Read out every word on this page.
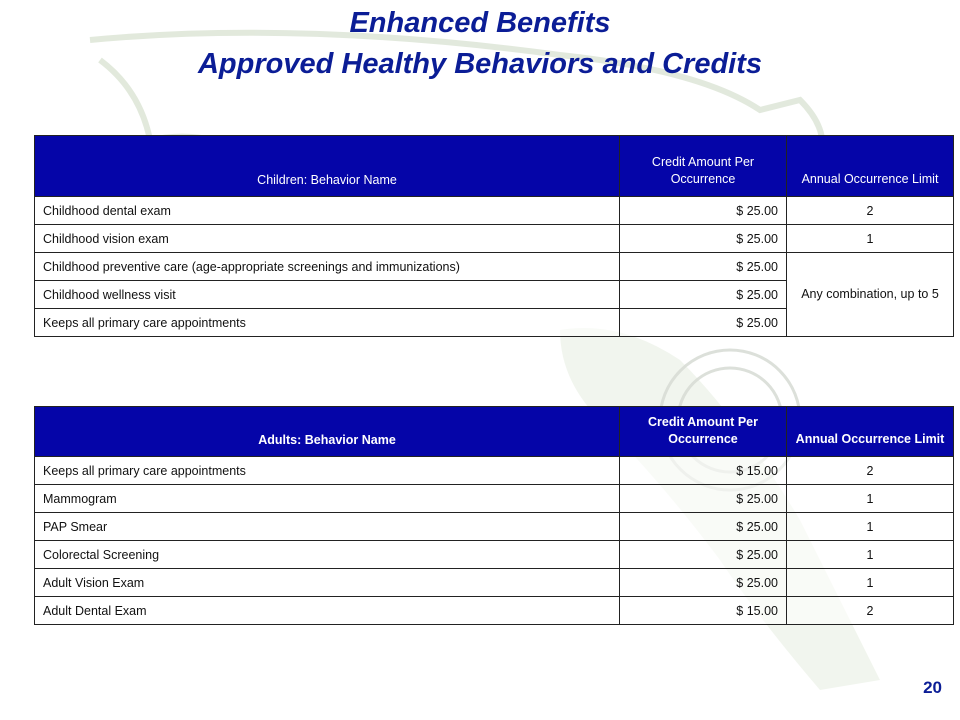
Enhanced Benefits
Approved Healthy Behaviors and Credits
Children: Behavior Name	Credit Amount Per Occurrence	Annual Occurrence Limit
Childhood dental exam	$ 25.00	2
Childhood vision exam	$ 25.00	1
Childhood preventive care (age-appropriate screenings and immunizations)	$ 25.00	Any combination, up to 5
Childhood wellness visit	$ 25.00	
Keeps all primary care appointments	$ 25.00	
Adults: Behavior Name	Credit Amount Per Occurrence	Annual Occurrence Limit
Keeps all primary care appointments	$ 15.00	2
Mammogram	$ 25.00	1
PAP Smear	$ 25.00	1
Colorectal Screening	$ 25.00	1
Adult Vision Exam	$ 25.00	1
Adult Dental Exam	$ 15.00	2
20
